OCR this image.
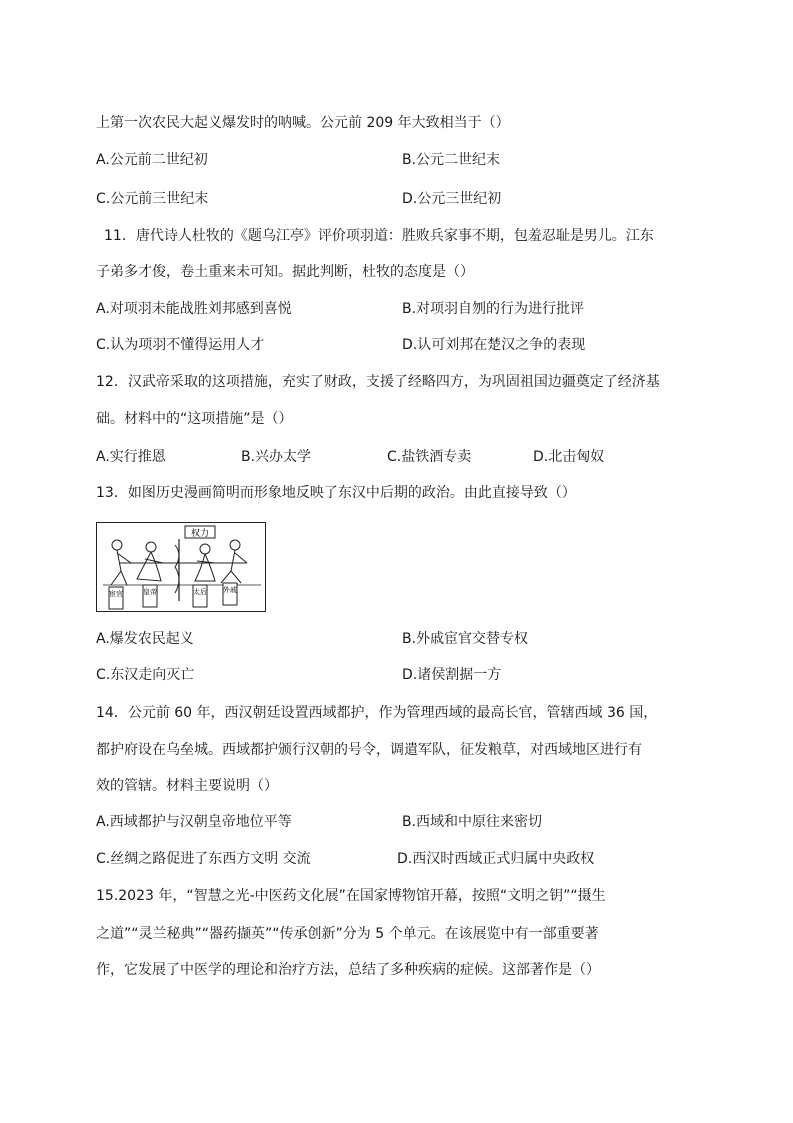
上第一次农民大起义爆发时的呐喊。公元前 209 年大致相当于（）
A.公元前二世纪初	B.公元二世纪末
C.公元前三世纪末	D.公元三世纪初
11．唐代诗人杜牧的《题乌江亭》评价项羽道：胜败兵家事不期，包羞忍耻是男儿。江东
子弟多才俊，卷土重来未可知。据此判断，杜牧的态度是（）
A.对项羽未能战胜刘邦感到喜悦	B.对项羽自刎的行为进行批评
C.认为项羽不懂得运用人才	D.认可刘邦在楚汉之争的表现
12．汉武帝采取的这项措施，充实了财政，支援了经略四方，为巩固祖国边疆奠定了经济基
础。材料中的“这项措施”是（）
A.实行推恩	B.兴办太学	C.盐铁酒专卖	D.北击匈奴
13．如图历史漫画简明而形象地反映了东汉中后期的政治。由此直接导致（）
权力
宦官	皇帝	太后 外戚
A.爆发农民起义	B.外戚宦官交替专权
C.东汉走向灭亡	D.诸侯割据一方
14．公元前 60 年，西汉朝廷设置西域都护，作为管理西域的最高长官，管辖西域 36 国，
都护府设在乌垒城。西域都护颁行汉朝的号令，调遣军队，征发粮草，对西域地区进行有
效的管辖。材料主要说明（）
A.西域都护与汉朝皇帝地位平等	B.西域和中原往来密切
C.丝绸之路促进了东西方文明 交流	D.西汉时西域正式归属中央政权
15.2023 年，“智慧之光-中医药文化展”在国家博物馆开幕，按照“文明之钥”“摄生
之道”“灵兰秘典”“器药撷英”“传承创新”分为 5 个单元。在该展览中有一部重要著
作，它发展了中医学的理论和治疗方法，总结了多种疾病的症候。这部著作是（）
